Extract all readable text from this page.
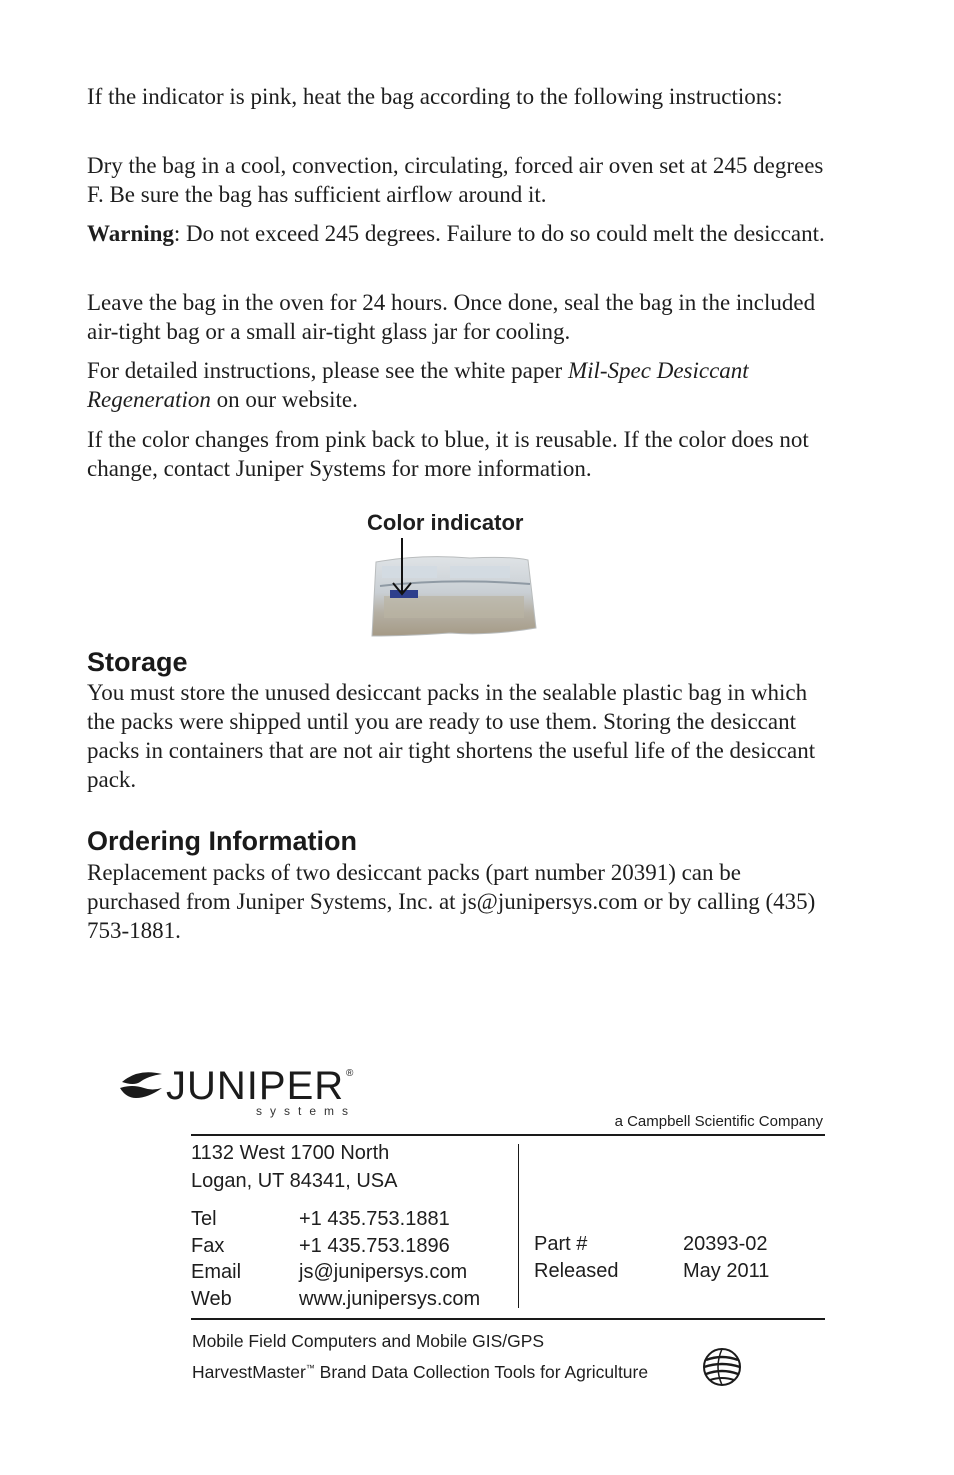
If the indicator is pink, heat the bag according to the following instructions:

Dry the bag in a cool, convection, circulating, forced air oven set at 245 degrees F. Be sure the bag has sufficient airflow around it.

Warning: Do not exceed 245 degrees. Failure to do so could melt the desiccant.

Leave the bag in the oven for 24 hours. Once done, seal the bag in the included air-tight bag or a small air-tight glass jar for cooling.

For detailed instructions, please see the white paper Mil-Spec Desiccant Regeneration on our website.

If the color changes from pink back to blue, it is reusable. If the color does not change, contact Juniper Systems for more information.

Color indicator
Storage

You must store the unused desiccant packs in the sealable plastic bag in which the packs were shipped until you are ready to use them. Storing the desiccant packs in containers that are not air tight shortens the useful life of the desiccant pack.

Ordering Information

Replacement packs of two desiccant packs (part number 20391) can be purchased from Juniper Systems, Inc. at js@junipersys.com or by calling (435) 753-1881.

JUNIPER ®
systems
a Campbell Scientific Company
1132 West 1700 North
Logan, UT 84341, USA
Tel	+1 435.753.1881
Fax	+1 435.753.1896
Email	js@junipersys.com
Web	www.junipersys.com
Part #	20393-02
Released	May 2011
Mobile Field Computers and Mobile GIS/GPS
HarvestMaster™ Brand Data Collection Tools for Agriculture
